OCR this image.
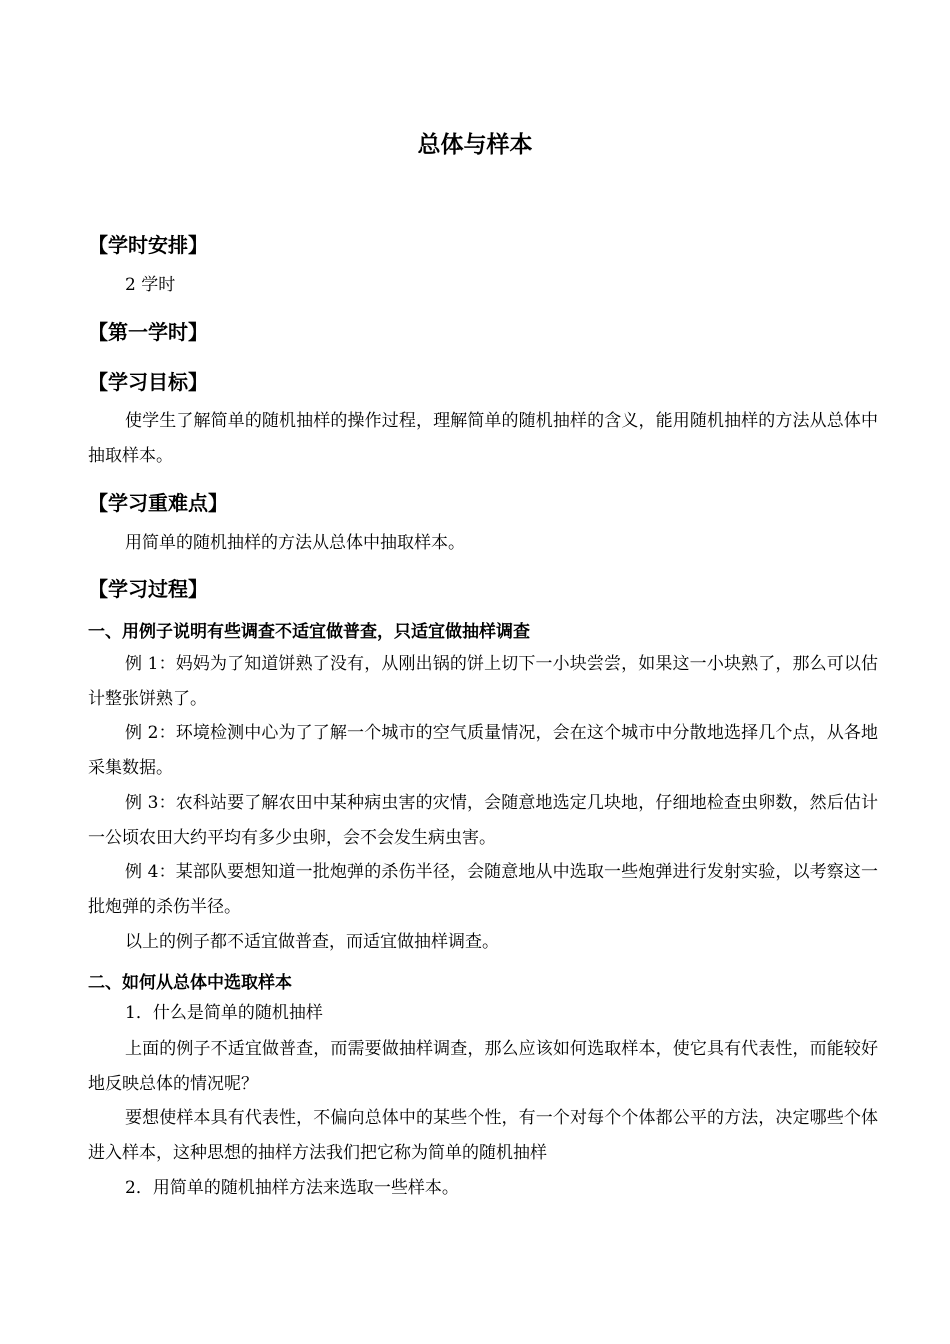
总体与样本
【学时安排】
2 学时
【第一学时】
【学习目标】
使学生了解简单的随机抽样的操作过程，理解简单的随机抽样的含义，能用随机抽样的方法从总体中抽取样本。
【学习重难点】
用简单的随机抽样的方法从总体中抽取样本。
【学习过程】
一、用例子说明有些调查不适宜做普查，只适宜做抽样调查
例 1：妈妈为了知道饼熟了没有，从刚出锅的饼上切下一小块尝尝，如果这一小块熟了，那么可以估计整张饼熟了。
例 2：环境检测中心为了了解一个城市的空气质量情况，会在这个城市中分散地选择几个点，从各地采集数据。
例 3：农科站要了解农田中某种病虫害的灾情，会随意地选定几块地，仔细地检查虫卵数，然后估计一公顷农田大约平均有多少虫卵，会不会发生病虫害。
例 4：某部队要想知道一批炮弹的杀伤半径，会随意地从中选取一些炮弹进行发射实验，以考察这一批炮弹的杀伤半径。
以上的例子都不适宜做普查，而适宜做抽样调查。
二、如何从总体中选取样本
1．什么是简单的随机抽样
上面的例子不适宜做普查，而需要做抽样调查，那么应该如何选取样本，使它具有代表性，而能较好地反映总体的情况呢？
要想使样本具有代表性，不偏向总体中的某些个性，有一个对每个个体都公平的方法，决定哪些个体进入样本，这种思想的抽样方法我们把它称为简单的随机抽样
2．用简单的随机抽样方法来选取一些样本。
